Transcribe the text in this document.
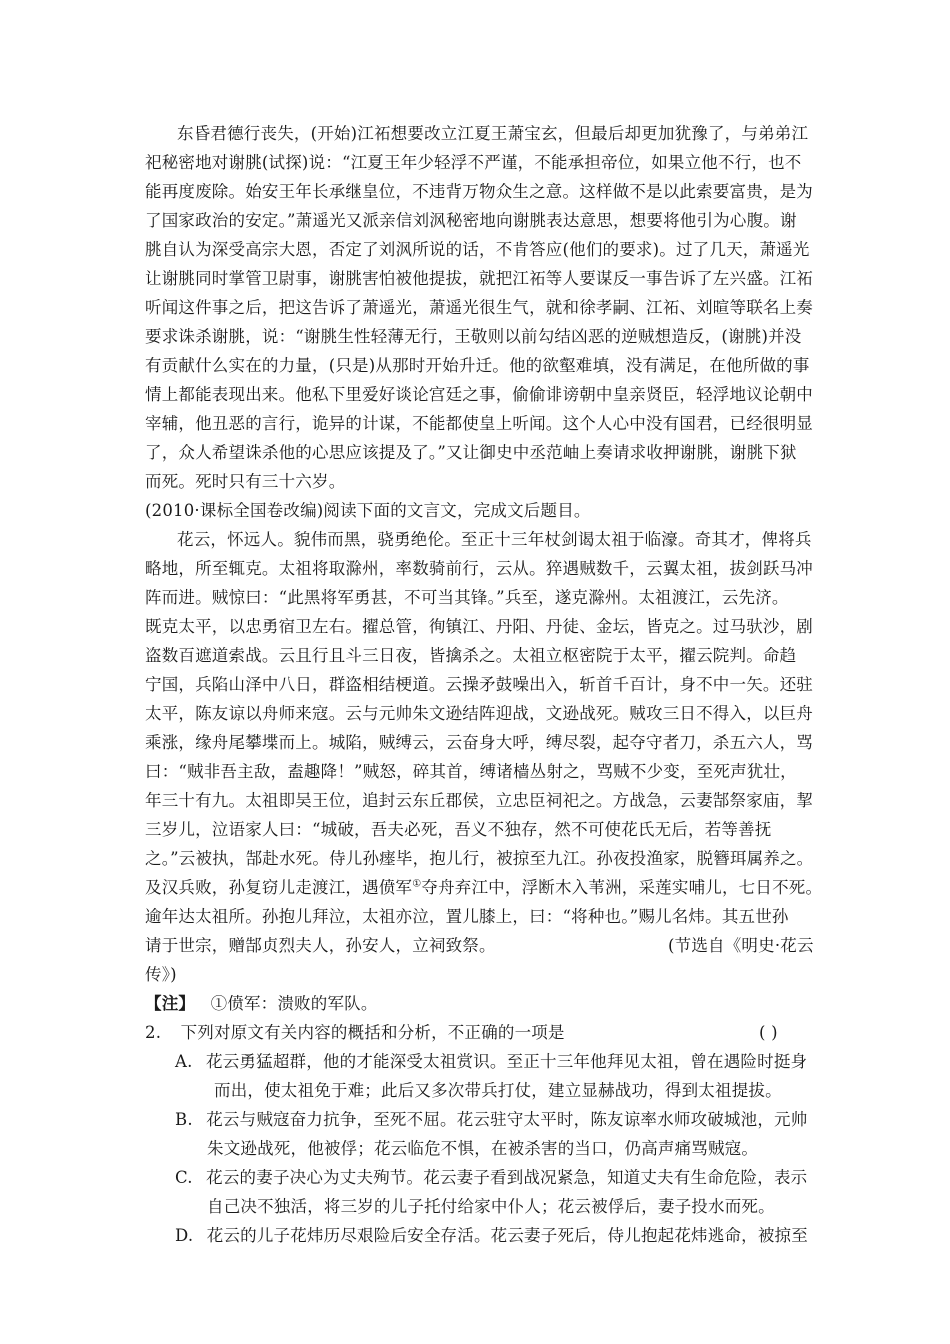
东昏君德行丧失，(开始)江祏想要改立江夏王萧宝玄，但最后却更加犹豫了，与弟弟江
祀秘密地对谢朓(试探)说：“江夏王年少轻浮不严谨，不能承担帝位，如果立他不行，也不
能再度废除。始安王年长承继皇位，不违背万物众生之意。这样做不是以此索要富贵，是为
了国家政治的安定。”萧遥光又派亲信刘沨秘密地向谢朓表达意思，想要将他引为心腹。谢
朓自认为深受高宗大恩，否定了刘沨所说的话，不肯答应(他们的要求)。过了几天，萧遥光
让谢朓同时掌管卫尉事，谢朓害怕被他提拔，就把江祏等人要谋反一事告诉了左兴盛。江祏
听闻这件事之后，把这告诉了萧遥光，萧遥光很生气，就和徐孝嗣、江祏、刘暄等联名上奏
要求诛杀谢朓，说：“谢朓生性轻薄无行，王敬则以前勾结凶恶的逆贼想造反，(谢朓)并没
有贡献什么实在的力量，(只是)从那时开始升迁。他的欲壑难填，没有满足，在他所做的事
情上都能表现出来。他私下里爱好谈论宫廷之事，偷偷诽谤朝中皇亲贤臣，轻浮地议论朝中
宰辅，他丑恶的言行，诡异的计谋，不能都使皇上听闻。这个人心中没有国君，已经很明显
了，众人希望诛杀他的心思应该提及了。”又让御史中丞范岫上奏请求收押谢朓，谢朓下狱
而死。死时只有三十六岁。
(2010·课标全国卷改编)阅读下面的文言文，完成文后题目。
花云，怀远人。貌伟而黑，骁勇绝伦。至正十三年杖剑谒太祖于临濠。奇其才，俾将兵
略地，所至辄克。太祖将取滁州，率数骑前行，云从。猝遇贼数千，云翼太祖，拔剑跃马冲
阵而进。贼惊曰：“此黑将军勇甚，不可当其锋。”兵至，遂克滁州。太祖渡江，云先济。
既克太平，以忠勇宿卫左右。擢总管，徇镇江、丹阳、丹徒、金坛，皆克之。过马驮沙，剧
盗数百遮道索战。云且行且斗三日夜，皆擒杀之。太祖立枢密院于太平，擢云院判。命趋
宁国，兵陷山泽中八日，群盗相结梗道。云操矛鼓噪出入，斩首千百计，身不中一矢。还驻
太平，陈友谅以舟师来寇。云与元帅朱文逊结阵迎战，文逊战死。贼攻三日不得入，以巨舟
乘涨，缘舟尾攀堞而上。城陷，贼缚云，云奋身大呼，缚尽裂，起夺守者刀，杀五六人，骂
曰：“贼非吾主敌，盍趣降！”贼怒，碎其首，缚诸樯丛射之，骂贼不少变，至死声犹壮，
年三十有九。太祖即吴王位，追封云东丘郡侯，立忠臣祠祀之。方战急，云妻郜祭家庙，挈
三岁儿，泣语家人曰：“城破，吾夫必死，吾义不独存，然不可使花氏无后，若等善抚
之。”云被执，郜赴水死。侍儿孙瘗毕，抱儿行，被掠至九江。孙夜投渔家，脱簪珥属养之。
及汉兵败，孙复窃儿走渡江，遇偾军①夺舟弃江中，浮断木入苇洲，采莲实哺儿，七日不死。
逾年达太祖所。孙抱儿拜泣，太祖亦泣，置儿膝上，曰：“将种也。”赐儿名炜。其五世孙
请于世宗，赠郜贞烈夫人，孙安人，立祠致祭。	(节选自《明史·花云
传》)
【注】 ①偾军：溃败的军队。
2. 下列对原文有关内容的概括和分析，不正确的一项是	( )
A. 花云勇猛超群，他的才能深受太祖赏识。至正十三年他拜见太祖，曾在遇险时挺身
而出，使太祖免于难；此后又多次带兵打仗，建立显赫战功，得到太祖提拔。
B. 花云与贼寇奋力抗争，至死不屈。花云驻守太平时，陈友谅率水师攻破城池，元帅
朱文逊战死，他被俘；花云临危不惧，在被杀害的当口，仍高声痛骂贼寇。
C. 花云的妻子决心为丈夫殉节。花云妻子看到战况紧急，知道丈夫有生命危险，表示
自己决不独活，将三岁的儿子托付给家中仆人；花云被俘后，妻子投水而死。
D. 花云的儿子花炜历尽艰险后安全存活。花云妻子死后，侍儿抱起花炜逃命，被掠至
